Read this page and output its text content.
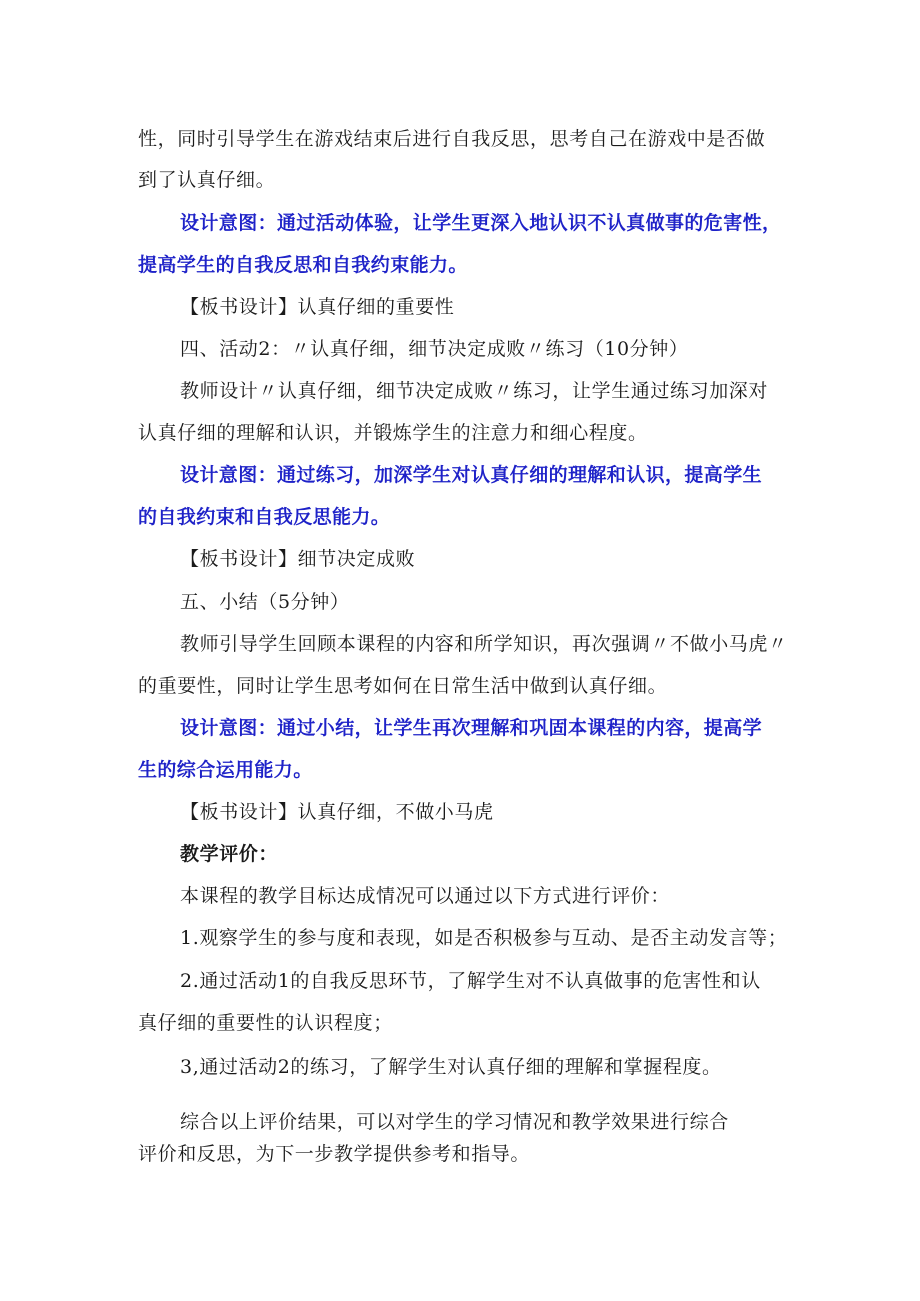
性，同时引导学生在游戏结束后进行自我反思，思考自己在游戏中是否做
到了认真仔细。
设计意图：通过活动体验，让学生更深入地认识不认真做事的危害性，
提高学生的自我反思和自我约束能力。
【板书设计】认真仔细的重要性
四、活动2：〃认真仔细，细节决定成败〃练习（10分钟）
教师设计〃认真仔细，细节决定成败〃练习，让学生通过练习加深对
认真仔细的理解和认识，并锻炼学生的注意力和细心程度。
设计意图：通过练习，加深学生对认真仔细的理解和认识，提高学生
的自我约束和自我反思能力。
【板书设计】细节决定成败
五、小结（5分钟）
教师引导学生回顾本课程的内容和所学知识，再次强调〃不做小马虎〃
的重要性，同时让学生思考如何在日常生活中做到认真仔细。
设计意图：通过小结，让学生再次理解和巩固本课程的内容，提高学
生的综合运用能力。
【板书设计】认真仔细，不做小马虎
教学评价：
本课程的教学目标达成情况可以通过以下方式进行评价：
1.观察学生的参与度和表现，如是否积极参与互动、是否主动发言等；
2.通过活动1的自我反思环节，了解学生对不认真做事的危害性和认
真仔细的重要性的认识程度；
3,通过活动2的练习，了解学生对认真仔细的理解和掌握程度。
综合以上评价结果，可以对学生的学习情况和教学效果进行综合
评价和反思，为下一步教学提供参考和指导。
